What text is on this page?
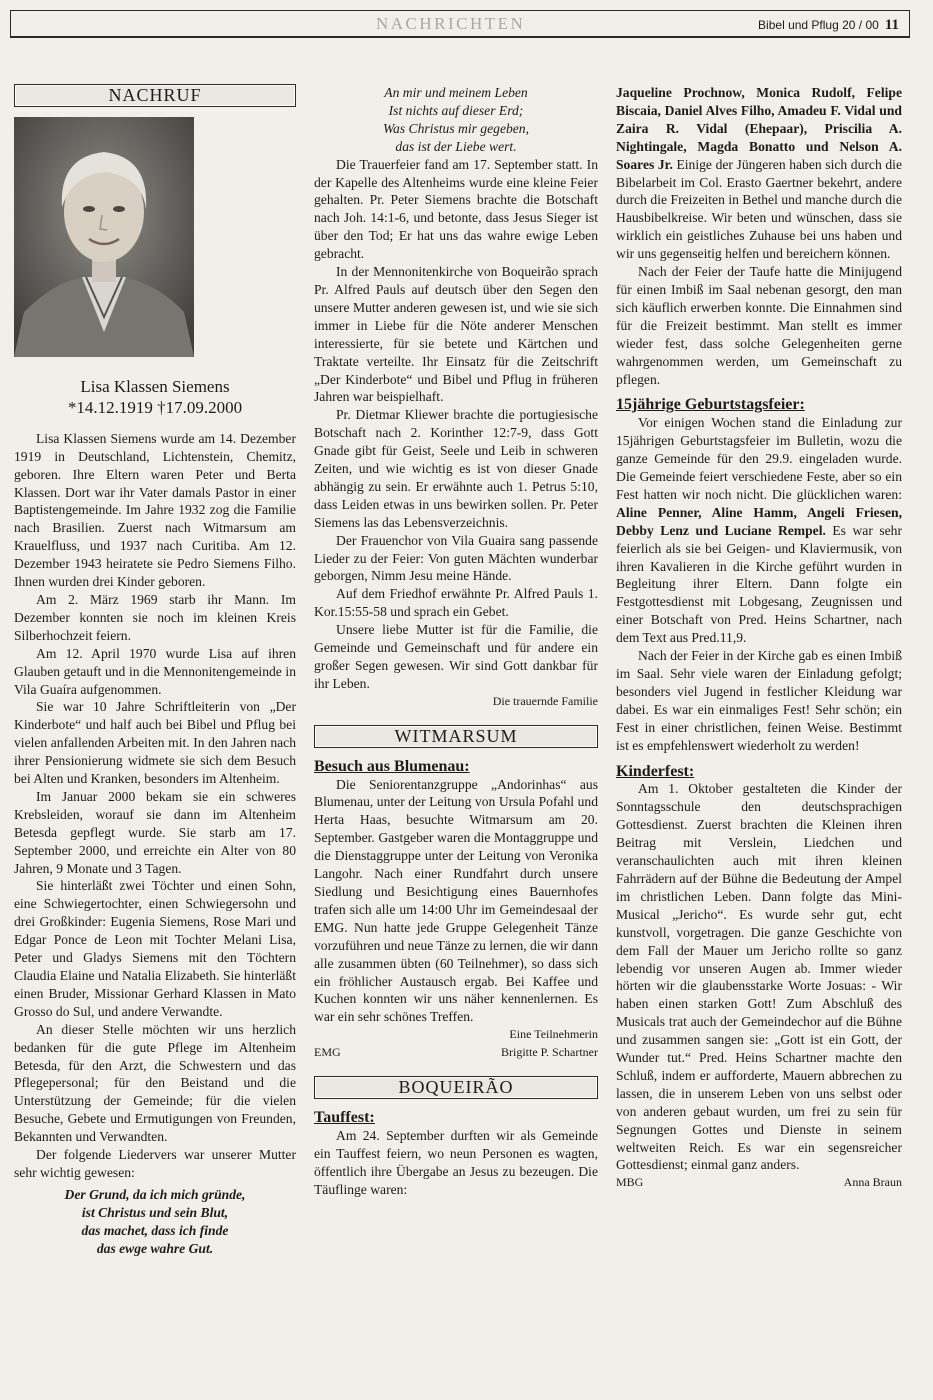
NACHRICHTEN	Bibel und Pflug 20 / 00 11
NACHRUF
Lisa Klassen Siemens
*14.12.1919 †17.09.2000

Lisa Klassen Siemens wurde am 14. Dezember 1919 in Deutschland, Lichtenstein, Chemitz, geboren. Ihre Eltern waren Peter und Berta Klassen. Dort war ihr Vater damals Pastor in einer Baptistengemeinde. Im Jahre 1932 zog die Familie nach Brasilien. Zuerst nach Witmarsum am Krauelfluss, und 1937 nach Curitiba. Am 12. Dezember 1943 heiratete sie Pedro Siemens Filho. Ihnen wurden drei Kinder geboren.

Am 2. März 1969 starb ihr Mann. Im Dezember konnten sie noch im kleinen Kreis Silberhochzeit feiern.

Am 12. April 1970 wurde Lisa auf ihren Glauben getauft und in die Mennonitengemeinde in Vila Guaíra aufgenommen.

Sie war 10 Jahre Schriftleiterin von „Der Kinderbote“ und half auch bei Bibel und Pflug bei vielen anfallenden Arbeiten mit. In den Jahren nach ihrer Pensionierung widmete sie sich dem Besuch bei Alten und Kranken, besonders im Altenheim.

Im Januar 2000 bekam sie ein schweres Krebsleiden, worauf sie dann im Altenheim Betesda gepflegt wurde. Sie starb am 17. September 2000, und erreichte ein Alter von 80 Jahren, 9 Monate und 3 Tagen.

Sie hinterläßt zwei Töchter und einen Sohn, eine Schwiegertochter, einen Schwiegersohn und drei Großkinder: Eugenia Siemens, Rose Mari und Edgar Ponce de Leon mit Tochter Melani Lisa, Peter und Gladys Siemens mit den Töchtern Claudia Elaine und Natalia Elizabeth. Sie hinterläßt einen Bruder, Missionar Gerhard Klassen in Mato Grosso do Sul, und andere Verwandte.

An dieser Stelle möchten wir uns herzlich bedanken für die gute Pflege im Altenheim Betesda, für den Arzt, die Schwestern und das Pflegepersonal; für den Beistand und die Unterstützung der Gemeinde; für die vielen Besuche, Gebete und Ermutigungen von Freunden, Bekannten und Verwandten.

Der folgende Liedervers war unserer Mutter sehr wichtig gewesen:

Der Grund, da ich mich gründe,
ist Christus und sein Blut,
das machet, dass ich finde
das ewge wahre Gut.
An mir und meinem Leben
Ist nichts auf dieser Erd;
Was Christus mir gegeben,
das ist der Liebe wert.

Die Trauerfeier fand am 17. September statt. In der Kapelle des Altenheims wurde eine kleine Feier gehalten. Pr. Peter Siemens brachte die Botschaft nach Joh. 14:1-6, und betonte, dass Jesus Sieger ist über den Tod; Er hat uns das wahre ewige Leben gebracht.

In der Mennonitenkirche von Boqueirão sprach Pr. Alfred Pauls auf deutsch über den Segen den unsere Mutter anderen gewesen ist, und wie sie sich immer in Liebe für die Nöte anderer Menschen interessierte, für sie betete und Kärtchen und Traktate verteilte. Ihr Einsatz für die Zeitschrift „Der Kinderbote“ und Bibel und Pflug in früheren Jahren war beispielhaft.

Pr. Dietmar Kliewer brachte die portugiesische Botschaft nach 2. Korinther 12:7-9, dass Gott Gnade gibt für Geist, Seele und Leib in schweren Zeiten, und wie wichtig es ist von dieser Gnade abhängig zu sein. Er erwähnte auch 1. Petrus 5:10, dass Leiden etwas in uns bewirken sollen. Pr. Peter Siemens las das Lebensverzeichnis.

Der Frauenchor von Vila Guaira sang passende Lieder zu der Feier: Von guten Mächten wunderbar geborgen, Nimm Jesu meine Hände.

Auf dem Friedhof erwähnte Pr. Alfred Pauls 1. Kor.15:55-58 und sprach ein Gebet.

Unsere liebe Mutter ist für die Familie, die Gemeinde und Gemeinschaft und für andere ein großer Segen gewesen. Wir sind Gott dankbar für ihr Leben.

Die trauernde Familie
WITMARSUM
Besuch aus Blumenau:

Die Seniorentanzgruppe „Andorinhas“ aus Blumenau, unter der Leitung von Ursula Pofahl und Herta Haas, besuchte Witmarsum am 20. September. Gastgeber waren die Montaggruppe und die Dienstaggruppe unter der Leitung von Veronika Langohr. Nach einer Rundfahrt durch unsere Siedlung und Besichtigung eines Bauernhofes trafen sich alle um 14:00 Uhr im Gemeindesaal der EMG. Nun hatte jede Gruppe Gelegenheit Tänze vorzuführen und neue Tänze zu lernen, die wir dann alle zusammen übten (60 Teilnehmer), so dass sich ein fröhlicher Austausch ergab. Bei Kaffee und Kuchen konnten wir uns näher kennenlernen. Es war ein sehr schönes Treffen.

Eine Teilnehmerin
EMG	Brigitte P. Schartner
BOQUEIRÃO
Tauffest:

Am 24. September durften wir als Gemeinde ein Tauffest feiern, wo neun Personen es wagten, öffentlich ihre Übergabe an Jesus zu bezeugen. Die Täuflinge waren:

Jaqueline Prochnow, Monica Rudolf, Felipe Biscaia, Daniel Alves Filho, Amadeu F. Vidal und Zaira R. Vidal (Ehepaar), Priscilia A. Nightingale, Magda Bonatto und Nelson A. Soares Jr. Einige der Jüngeren haben sich durch die Bibelarbeit im Col. Erasto Gaertner bekehrt, andere durch die Freizeiten in Bethel und manche durch die Hausbibelkreise. Wir beten und wünschen, dass sie wirklich ein geistliches Zuhause bei uns haben und wir uns gegenseitig helfen und bereichern können.

Nach der Feier der Taufe hatte die Minijugend für einen Imbiß im Saal nebenan gesorgt, den man sich käuflich erwerben konnte. Die Einnahmen sind für die Freizeit bestimmt. Man stellt es immer wieder fest, dass solche Gelegenheiten gerne wahrgenommen werden, um Gemeinschaft zu pflegen.

15jährige Geburtstagsfeier:

Vor einigen Wochen stand die Einladung zur 15jährigen Geburtstagsfeier im Bulletin, wozu die ganze Gemeinde für den 29.9. eingeladen wurde. Die Gemeinde feiert verschiedene Feste, aber so ein Fest hatten wir noch nicht. Die glücklichen waren: Aline Penner, Aline Hamm, Angeli Friesen, Debby Lenz und Luciane Rempel. Es war sehr feierlich als sie bei Geigen- und Klaviermusik, von ihren Kavalieren in die Kirche geführt wurden in Begleitung ihrer Eltern. Dann folgte ein Festgottesdienst mit Lobgesang, Zeugnissen und einer Botschaft von Pred. Heins Schartner, nach dem Text aus Pred.11,9.

Nach der Feier in der Kirche gab es einen Imbiß im Saal. Sehr viele waren der Einladung gefolgt; besonders viel Jugend in festlicher Kleidung war dabei. Es war ein einmaliges Fest! Sehr schön; ein Fest in einer christlichen, feinen Weise. Bestimmt ist es empfehlenswert wiederholt zu werden!

Kinderfest:

Am 1. Oktober gestalteten die Kinder der Sonntagsschule den deutschsprachigen Gottesdienst. Zuerst brachten die Kleinen ihren Beitrag mit Verslein, Liedchen und veranschaulichten auch mit ihren kleinen Fahrrädern auf der Bühne die Bedeutung der Ampel im christlichen Leben. Dann folgte das Mini-Musical „Jericho“. Es wurde sehr gut, echt kunstvoll, vorgetragen. Die ganze Geschichte von dem Fall der Mauer um Jericho rollte so ganz lebendig vor unseren Augen ab. Immer wieder hörten wir die glaubensstarke Worte Josuas: - Wir haben einen starken Gott! Zum Abschluß des Musicals trat auch der Gemeindechor auf die Bühne und zusammen sangen sie: „Gott ist ein Gott, der Wunder tut.“ Pred. Heins Schartner machte den Schluß, indem er aufforderte, Mauern abbrechen zu lassen, die in unserem Leben von uns selbst oder von anderen gebaut wurden, um frei zu sein für Segnungen Gottes und Dienste in seinem weltweiten Reich. Es war ein segensreicher Gottesdienst; einmal ganz anders.

MBG	Anna Braun
